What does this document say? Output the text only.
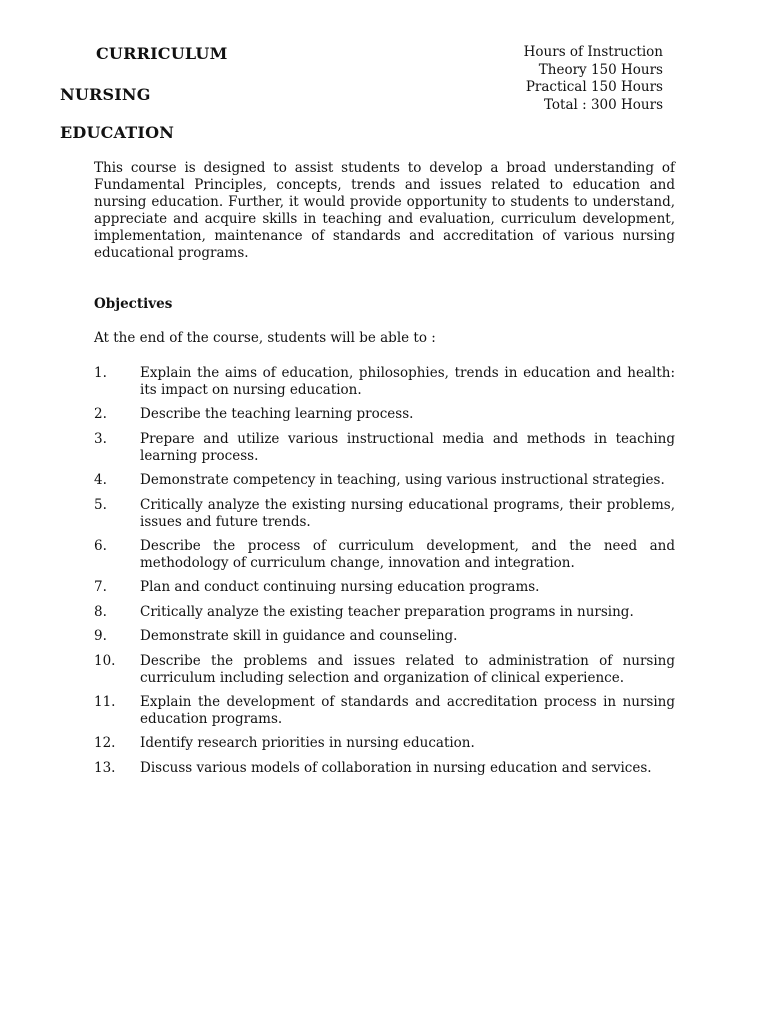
CURRICULUM
NURSING
EDUCATION
Hours of Instruction
Theory 150 Hours
Practical 150 Hours
Total : 300 Hours

This course is designed to assist students to develop a broad understanding of Fundamental Principles, concepts, trends and issues related to education and nursing education. Further, it would provide opportunity to students to understand, appreciate and acquire skills in teaching and evaluation, curriculum development, implementation, maintenance of standards and accreditation of various nursing educational programs.

Objectives

At the end of the course, students will be able to :

1.	Explain the aims of education, philosophies, trends in education and health: its impact on nursing education.
2.	Describe the teaching learning process.
3.	Prepare and utilize various instructional media and methods in teaching learning process.
4.	Demonstrate competency in teaching, using various instructional strategies.
5.	Critically analyze the existing nursing educational programs, their problems, issues and future trends.
6.	Describe the process of curriculum development, and the need and methodology of curriculum change, innovation and integration.
7.	Plan and conduct continuing nursing education programs.
8.	Critically analyze the existing teacher preparation programs in nursing.
9.	Demonstrate skill in guidance and counseling.
10.	Describe the problems and issues related to administration of nursing curriculum including selection and organization of clinical experience.
11.	Explain the development of standards and accreditation process in nursing education programs.
12.	Identify research priorities in nursing education.
13.	Discuss various models of collaboration in nursing education and services.
